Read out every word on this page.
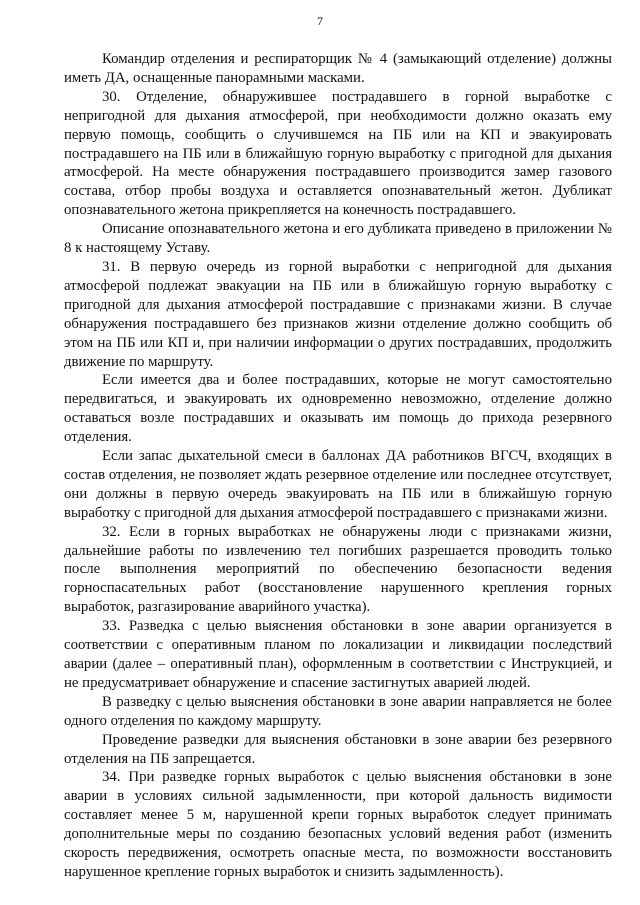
7

Командир отделения и респираторщик № 4 (замыкающий отделение) должны иметь ДА, оснащенные панорамными масками.

30. Отделение, обнаружившее пострадавшего в горной выработке с непригодной для дыхания атмосферой, при необходимости должно оказать ему первую помощь, сообщить о случившемся на ПБ или на КП и эвакуировать пострадавшего на ПБ или в ближайшую горную выработку с пригодной для дыхания атмосферой. На месте обнаружения пострадавшего производится замер газового состава, отбор пробы воздуха и оставляется опознавательный жетон. Дубликат опознавательного жетона прикрепляется на конечность пострадавшего.

Описание опознавательного жетона и его дубликата приведено в приложении № 8 к настоящему Уставу.

31. В первую очередь из горной выработки с непригодной для дыхания атмосферой подлежат эвакуации на ПБ или в ближайшую горную выработку с пригодной для дыхания атмосферой пострадавшие с признаками жизни. В случае обнаружения пострадавшего без признаков жизни отделение должно сообщить об этом на ПБ или КП и, при наличии информации о других пострадавших, продолжить движение по маршруту.

Если имеется два и более пострадавших, которые не могут самостоятельно передвигаться, и эвакуировать их одновременно невозможно, отделение должно оставаться возле пострадавших и оказывать им помощь до прихода резервного отделения.

Если запас дыхательной смеси в баллонах ДА работников ВГСЧ, входящих в состав отделения, не позволяет ждать резервное отделение или последнее отсутствует, они должны в первую очередь эвакуировать на ПБ или в ближайшую горную выработку с пригодной для дыхания атмосферой пострадавшего с признаками жизни.

32. Если в горных выработках не обнаружены люди с признаками жизни, дальнейшие работы по извлечению тел погибших разрешается проводить только после выполнения мероприятий по обеспечению безопасности ведения горноспасательных работ (восстановление нарушенного крепления горных выработок, разгазирование аварийного участка).

33. Разведка с целью выяснения обстановки в зоне аварии организуется в соответствии с оперативным планом по локализации и ликвидации последствий аварии (далее – оперативный план), оформленным в соответствии с Инструкцией, и не предусматривает обнаружение и спасение застигнутых аварией людей.

В разведку с целью выяснения обстановки в зоне аварии направляется не более одного отделения по каждому маршруту.

Проведение разведки для выяснения обстановки в зоне аварии без резервного отделения на ПБ запрещается.

34. При разведке горных выработок с целью выяснения обстановки в зоне аварии в условиях сильной задымленности, при которой дальность видимости составляет менее 5 м, нарушенной крепи горных выработок следует принимать дополнительные меры по созданию безопасных условий ведения работ (изменить скорость передвижения, осмотреть опасные места, по возможности восстановить нарушенное крепление горных выработок и снизить задымленность).
